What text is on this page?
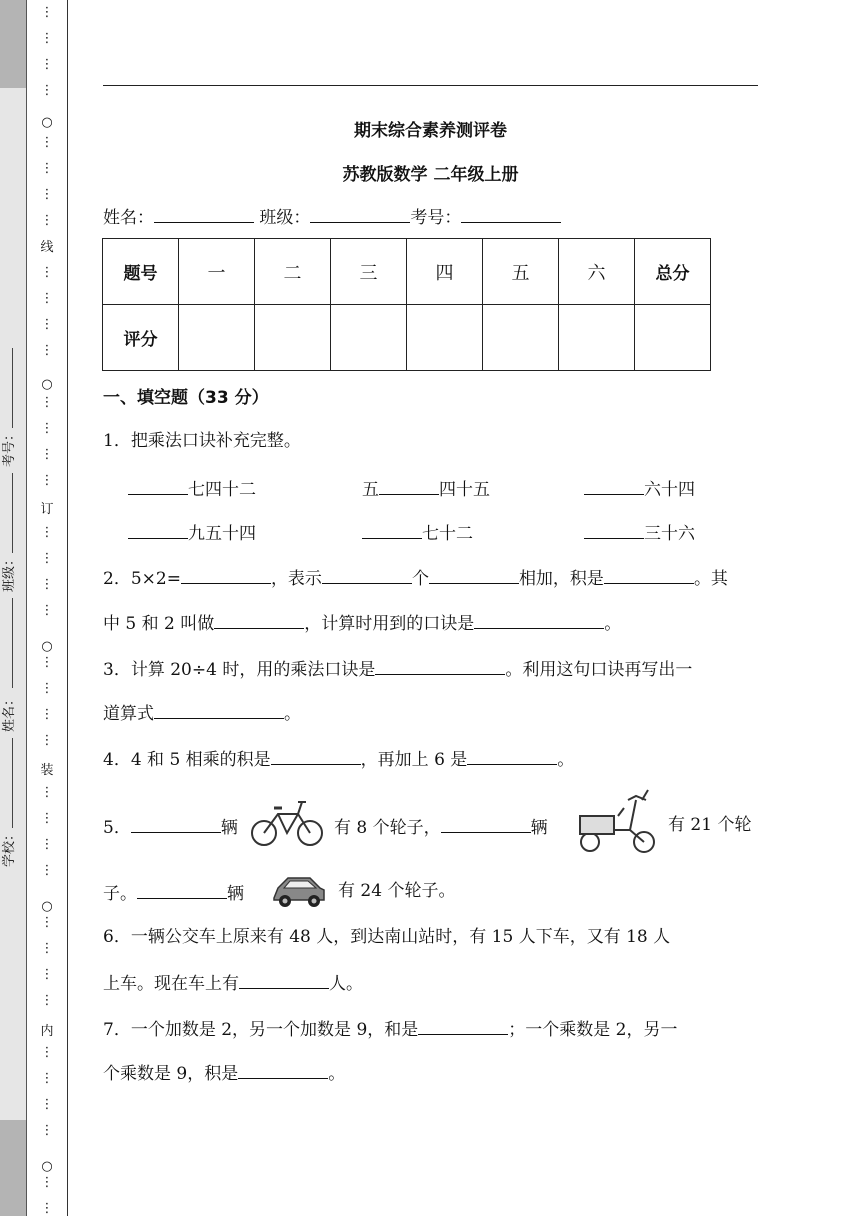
考号：
班级：
姓名：
学校：
线
订
装
内
⋮
⋮
⋮
⋮
⋮
⋮
⋮
⋮
⋮
⋮
⋮
⋮
⋮
⋮
⋮
⋮
⋮
⋮
⋮
⋮
⋮
⋮
⋮
⋮
⋮
⋮
⋮
⋮
⋮
⋮
⋮
⋮
⋮
⋮
⋮
⋮
⋮
⋮
○
○
○
○
○
期末综合素养测评卷
苏教版数学 二年级上册
姓名：	班级：	考号：
题号	一	二	三	四	五	六	总分
评分							
一、填空题（33 分）
1．把乘法口诀补充完整。
七四十二	五	四十五	六十四
九五十四	七十二	三十六
2．5×2=	，表示	个	相加，积是	。其
中 5 和 2 叫做	，计算时用到的口诀是	。
3．计算 20÷4 时，用的乘法口诀是	。利用这句口诀再写出一
道算式	。
4．4 和 5 相乘的积是	，再加上 6 是	。
5．	辆	有 8 个轮子，	辆	有 21 个轮
子。	辆	有 24 个轮子。
6．一辆公交车上原来有 48 人，到达南山站时，有 15 人下车，又有 18 人
上车。现在车上有	人。
7．一个加数是 2，另一个加数是 9，和是	；一个乘数是 2，另一
个乘数是 9，积是	。
